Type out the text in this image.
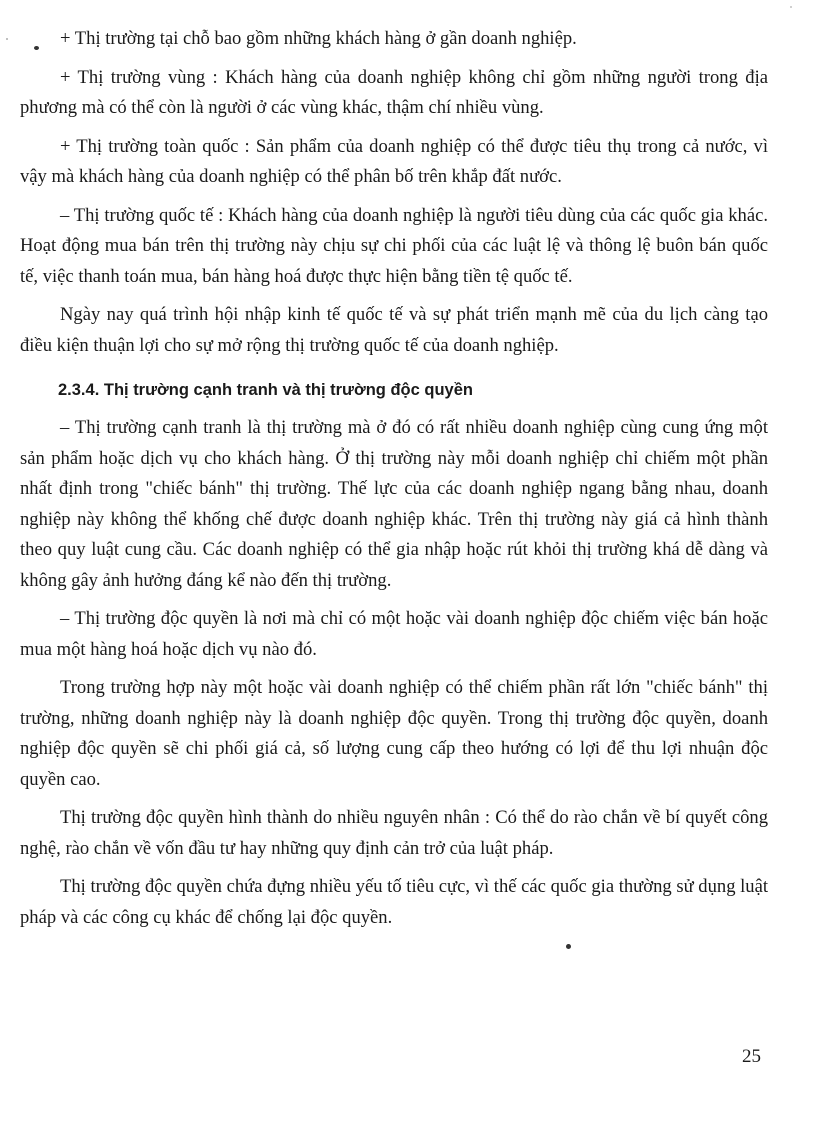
+ Thị trường tại chỗ bao gồm những khách hàng ở gần doanh nghiệp.

+ Thị trường vùng : Khách hàng của doanh nghiệp không chỉ gồm những người trong địa phương mà có thể còn là người ở các vùng khác, thậm chí nhiều vùng.

+ Thị trường toàn quốc : Sản phẩm của doanh nghiệp có thể được tiêu thụ trong cả nước, vì vậy mà khách hàng của doanh nghiệp có thể phân bố trên khắp đất nước.

– Thị trường quốc tế : Khách hàng của doanh nghiệp là người tiêu dùng của các quốc gia khác. Hoạt động mua bán trên thị trường này chịu sự chi phối của các luật lệ và thông lệ buôn bán quốc tế, việc thanh toán mua, bán hàng hoá được thực hiện bằng tiền tệ quốc tế.

Ngày nay quá trình hội nhập kinh tế quốc tế và sự phát triển mạnh mẽ của du lịch càng tạo điều kiện thuận lợi cho sự mở rộng thị trường quốc tế của doanh nghiệp.

2.3.4. Thị trường cạnh tranh và thị trường độc quyền

– Thị trường cạnh tranh là thị trường mà ở đó có rất nhiều doanh nghiệp cùng cung ứng một sản phẩm hoặc dịch vụ cho khách hàng. Ở thị trường này mỗi doanh nghiệp chỉ chiếm một phần nhất định trong "chiếc bánh" thị trường. Thế lực của các doanh nghiệp ngang bằng nhau, doanh nghiệp này không thể khống chế được doanh nghiệp khác. Trên thị trường này giá cả hình thành theo quy luật cung cầu. Các doanh nghiệp có thể gia nhập hoặc rút khỏi thị trường khá dễ dàng và không gây ảnh hưởng đáng kể nào đến thị trường.

– Thị trường độc quyền là nơi mà chỉ có một hoặc vài doanh nghiệp độc chiếm việc bán hoặc mua một hàng hoá hoặc dịch vụ nào đó.

Trong trường hợp này một hoặc vài doanh nghiệp có thể chiếm phần rất lớn "chiếc bánh" thị trường, những doanh nghiệp này là doanh nghiệp độc quyền. Trong thị trường độc quyền, doanh nghiệp độc quyền sẽ chi phối giá cả, số lượng cung cấp theo hướng có lợi để thu lợi nhuận độc quyền cao.

Thị trường độc quyền hình thành do nhiều nguyên nhân : Có thể do rào chắn về bí quyết công nghệ, rào chắn về vốn đầu tư hay những quy định cản trở của luật pháp.

Thị trường độc quyền chứa đựng nhiều yếu tố tiêu cực, vì thế các quốc gia thường sử dụng luật pháp và các công cụ khác để chống lại độc quyền.

25
